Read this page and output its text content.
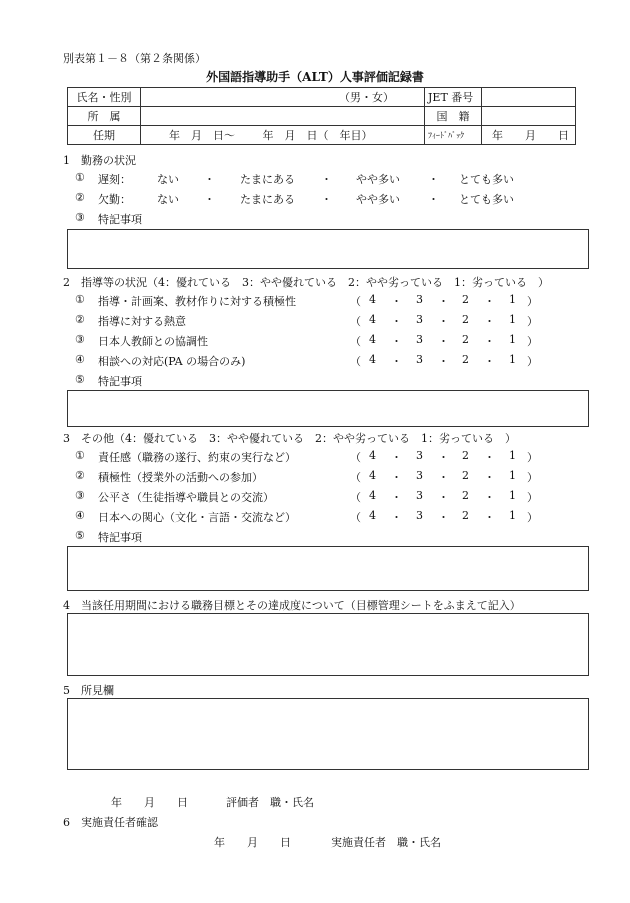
別表第１－８（第２条関係）
外国語指導助手（ALT）人事評価記録書
氏名・性別	（男・女）	JET 番号	
所　属		国　籍	
任期	年　月　日～ 年　月　日（　年目）	ﾌｨｰﾄﾞﾊﾞｯｸ	年　　月　　日
1　勤務の状況
① 遅刻： ない ・ たまにある ・ やや多い	・ とても多い
② 欠勤： ない ・ たまにある ・ やや多い	・ とても多い
③ 特記事項
2　指導等の状況（4：優れている　3：やや優れている　2：やや劣っている　1：劣っている　）
① 指導・計画案、教材作りに対する積極性	（ 4 ・ 3 ・ 2 ・ 1 ）
② 指導に対する熱意	（ 4 ・ 3 ・ 2 ・ 1 ）
③ 日本人教師との協調性	（ 4 ・ 3 ・ 2 ・ 1 ）
④ 相談への対応(PA の場合のみ)	（ 4 ・ 3 ・ 2 ・ 1 ）
⑤ 特記事項
3　その他（4：優れている　3：やや優れている　2：やや劣っている　1：劣っている　）
① 責任感（職務の遂行、約束の実行など）	（ 4 ・ 3 ・ 2 ・ 1 ）
② 積極性（授業外の活動への参加）	（ 4 ・ 3 ・ 2 ・ 1 ）
③ 公平さ（生徒指導や職員との交流）	（ 4 ・ 3 ・ 2 ・ 1 ）
④ 日本への関心（文化・言語・交流など）	（ 4 ・ 3 ・ 2 ・ 1 ）
⑤ 特記事項
4　当該任用期間における職務目標とその達成度について（目標管理シートをふまえて記入）
5　所見欄
年　　月　　日	評価者　職・氏名
6　実施責任者確認
年　　月　　日	実施責任者　職・氏名
